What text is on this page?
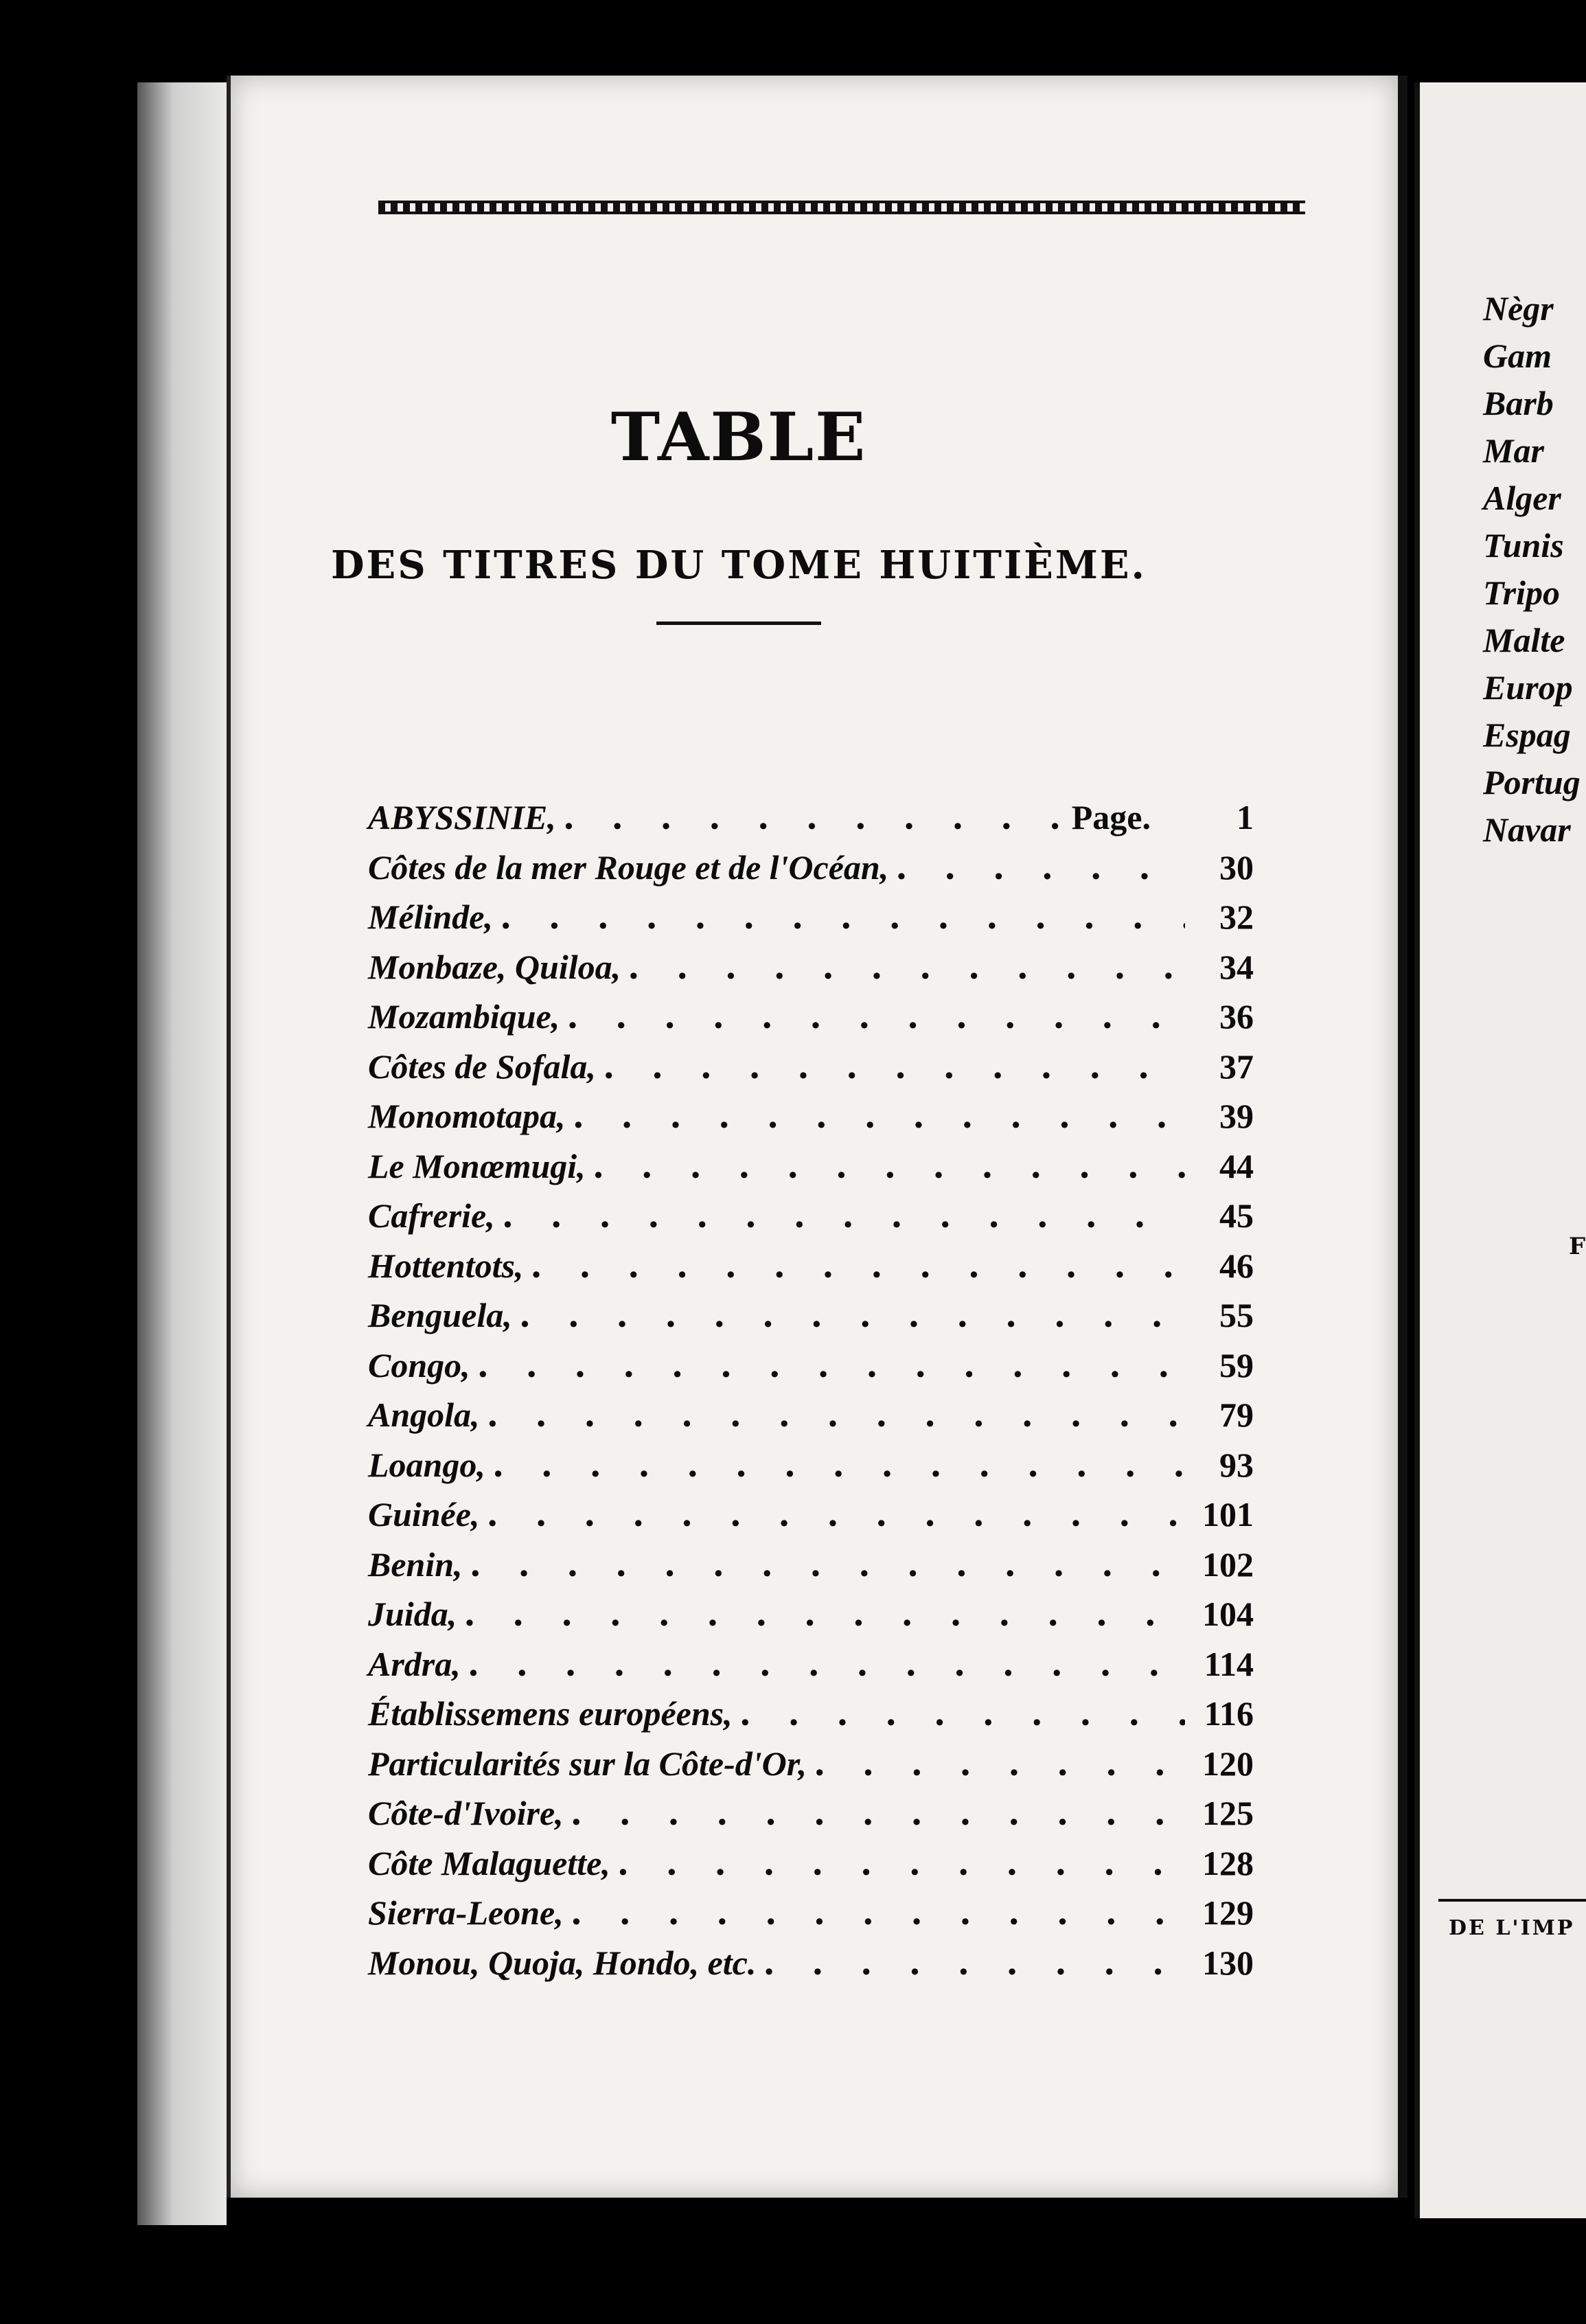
TABLE
DES TITRES DU TOME HUITIÈME.
ABYSSINIE, . . .	Page.	1
Côtes de la mer Rouge et de l'Océan, . . .	30
Mélinde, . . .	32
Monbaze, Quiloa, . . .	34
Mozambique, . . .	36
Côtes de Sofala, . . .	37
Monomotapa, . . .	39
Le Monœmugi, . . .	44
Cafrerie, . . .	45
Hottentots, . . .	46
Benguela, . . .	55
Congo, . . .	59
Angola, . . .	79
Loango, . . .	93
Guinée, . . .	101
Benin, . . .	102
Juida, . . .	104
Ardra, . . .	114
Établissemens européens, . . .	116
Particularités sur la Côte-d'Or, . . .	120
Côte-d'Ivoire, . . .	125
Côte Malaguette, . . .	128
Sierra-Leone, . . .	129
Monou, Quoja, Hondo, etc. . . .	130
Nègr
Gam
Barb
Mar
Alger
Tunis
Tripo
Malte
Europ
Espag
Portug
Navar
F
DE L'IMP
